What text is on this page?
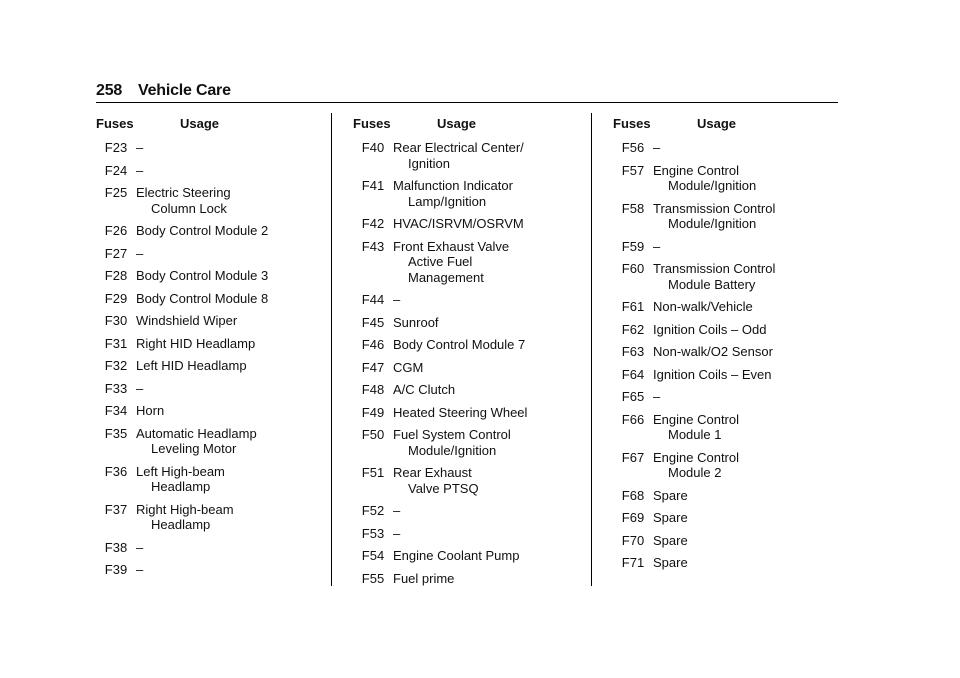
258 Vehicle Care
Fuses	Usage
F23 –
F24 –
F25 Electric Steering
Column Lock
F26 Body Control Module 2
F27 –
F28 Body Control Module 3
F29 Body Control Module 8
F30 Windshield Wiper
F31 Right HID Headlamp
F32 Left HID Headlamp
F33 –
F34 Horn
F35 Automatic Headlamp
Leveling Motor
F36 Left High-beam
Headlamp
F37 Right High-beam
Headlamp
F38 –
F39 –
Fuses	Usage
F40 Rear Electrical Center/
Ignition
F41 Malfunction Indicator
Lamp/Ignition
F42 HVAC/ISRVM/OSRVM
F43 Front Exhaust Valve
Active Fuel
Management
F44 –
F45 Sunroof
F46 Body Control Module 7
F47 CGM
F48 A/C Clutch
F49 Heated Steering Wheel
F50 Fuel System Control
Module/Ignition
F51 Rear Exhaust
Valve PTSQ
F52 –
F53 –
F54 Engine Coolant Pump
F55 Fuel prime
Fuses	Usage
F56 –
F57 Engine Control
Module/Ignition
F58 Transmission Control
Module/Ignition
F59 –
F60 Transmission Control
Module Battery
F61 Non-walk/Vehicle
F62 Ignition Coils – Odd
F63 Non-walk/O2 Sensor
F64 Ignition Coils – Even
F65 –
F66 Engine Control
Module 1
F67 Engine Control
Module 2
F68 Spare
F69 Spare
F70 Spare
F71 Spare
